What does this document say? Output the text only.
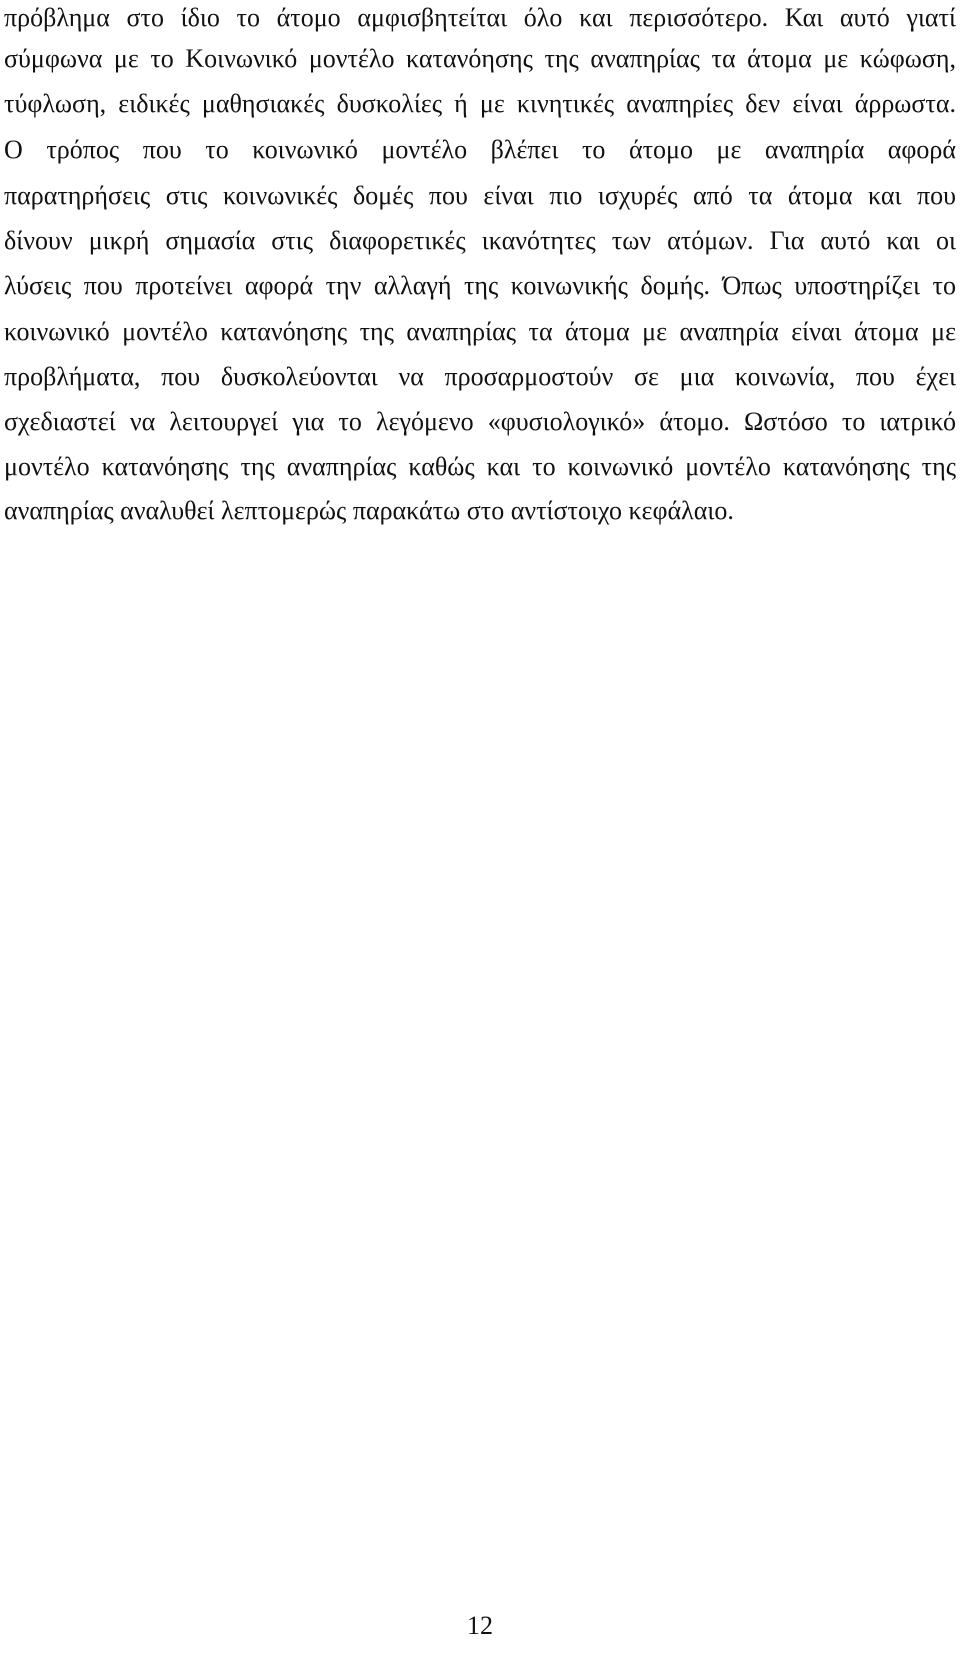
πρόβλημα στο ίδιο το άτομο αμφισβητείται όλο και περισσότερο. Και αυτό γιατί
σύμφωνα με το Κοινωνικό μοντέλο κατανόησης της αναπηρίας τα άτομα με κώφωση,
τύφλωση, ειδικές μαθησιακές δυσκολίες ή με κινητικές αναπηρίες δεν είναι άρρωστα.
Ο τρόπος που το κοινωνικό μοντέλο βλέπει το άτομο με αναπηρία αφορά
παρατηρήσεις στις κοινωνικές δομές που είναι πιο ισχυρές από τα άτομα και που
δίνουν μικρή σημασία στις διαφορετικές ικανότητες των ατόμων. Για αυτό και οι
λύσεις που προτείνει αφορά την αλλαγή της κοινωνικής δομής. Όπως υποστηρίζει το
κοινωνικό μοντέλο κατανόησης της αναπηρίας τα άτομα με αναπηρία είναι άτομα με
προβλήματα, που δυσκολεύονται να προσαρμοστούν σε μια κοινωνία, που έχει
σχεδιαστεί να λειτουργεί για το λεγόμενο «φυσιολογικό» άτομο. Ωστόσο το ιατρικό
μοντέλο κατανόησης της αναπηρίας καθώς και το κοινωνικό μοντέλο κατανόησης της
αναπηρίας αναλυθεί λεπτομερώς παρακάτω στο αντίστοιχο κεφάλαιο.
12
